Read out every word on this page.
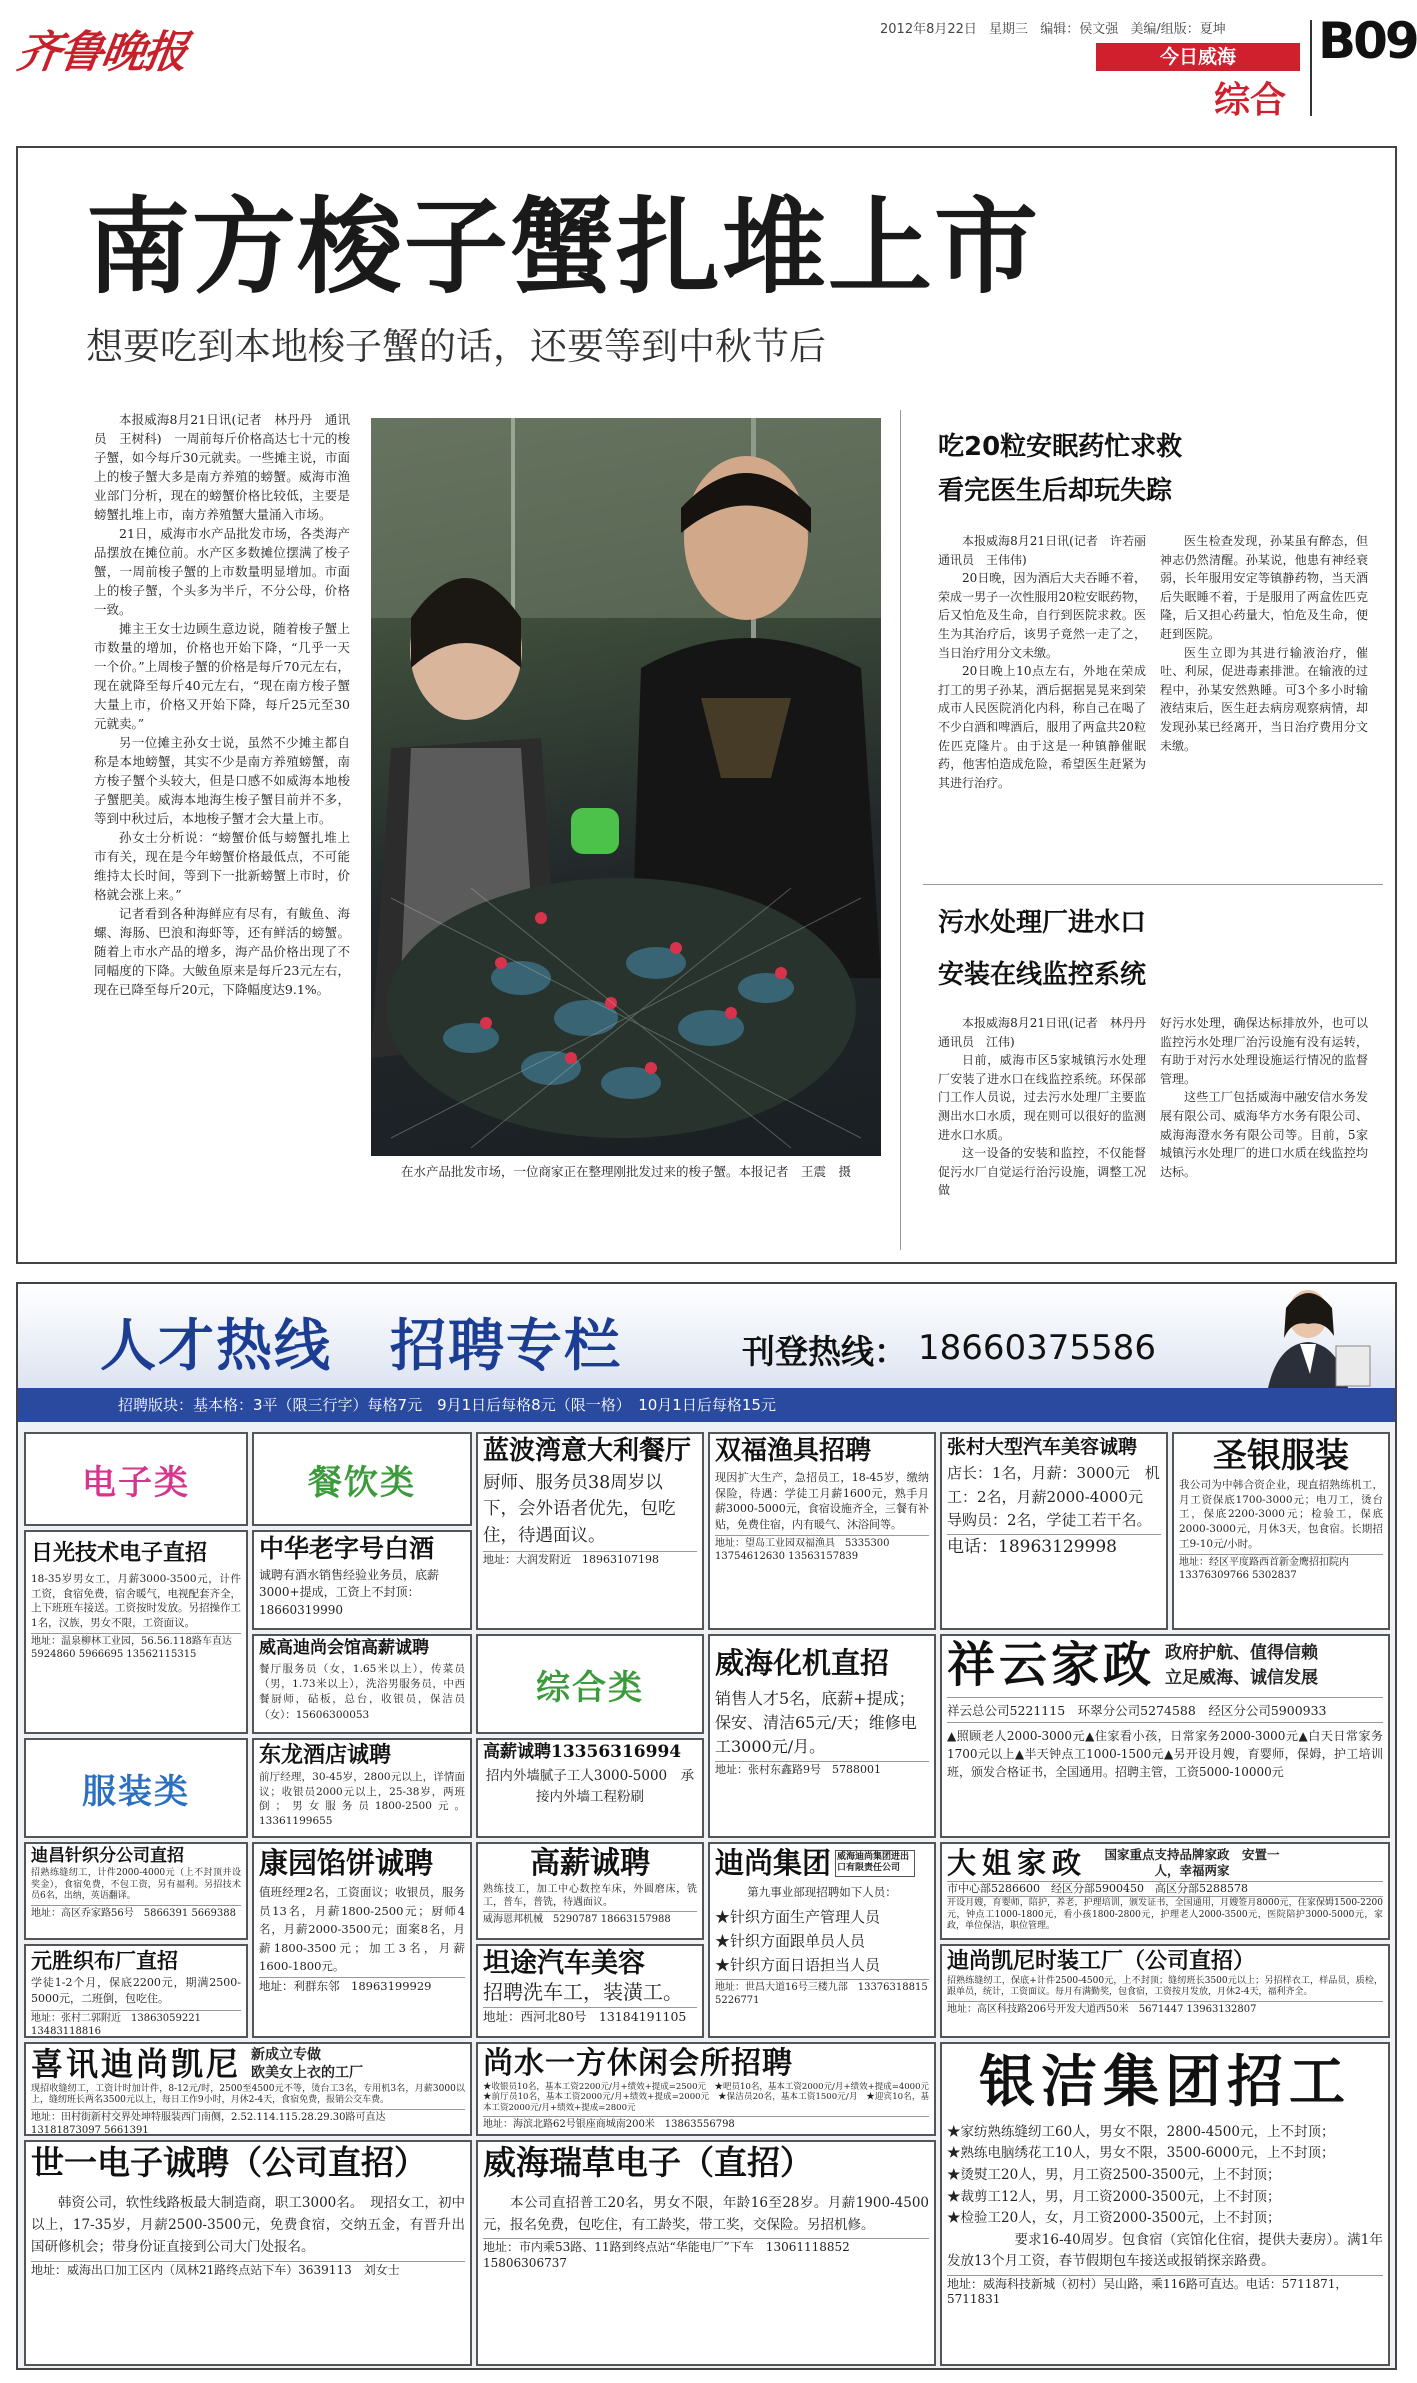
齐鲁晚报	2012年8月22日 星期三 编辑：侯文强 美编/组版：夏坤
今日威海
综合
B09
南方梭子蟹扎堆上市
想要吃到本地梭子蟹的话，还要等到中秋节后

本报威海8月21日讯(记者　林丹丹　通讯员　王树科)　一周前每斤价格高达七十元的梭子蟹，如今每斤30元就卖。一些摊主说，市面上的梭子蟹大多是南方养殖的螃蟹。威海市渔业部门分析，现在的螃蟹价格比较低，主要是螃蟹扎堆上市，南方养殖蟹大量涌入市场。

21日，威海市水产品批发市场，各类海产品摆放在摊位前。水产区多数摊位摆满了梭子蟹，一周前梭子蟹的上市数量明显增加。市面上的梭子蟹，个头多为半斤，不分公母，价格一致。

摊主王女士边顾生意边说，随着梭子蟹上市数量的增加，价格也开始下降，“几乎一天一个价。”上周梭子蟹的价格是每斤70元左右，现在就降至每斤40元左右，“现在南方梭子蟹大量上市，价格又开始下降，每斤25元至30元就卖。”

另一位摊主孙女士说，虽然不少摊主都自称是本地螃蟹，其实不少是南方养殖螃蟹，南方梭子蟹个头较大，但是口感不如威海本地梭子蟹肥美。威海本地海生梭子蟹目前并不多，等到中秋过后，本地梭子蟹才会大量上市。

孙女士分析说：“螃蟹价低与螃蟹扎堆上市有关，现在是今年螃蟹价格最低点，不可能维持太长时间，等到下一批新螃蟹上市时，价格就会涨上来。”

记者看到各种海鲜应有尽有，有鲅鱼、海螺、海肠、巴浪和海虾等，还有鲜活的螃蟹。随着上市水产品的增多，海产品价格出现了不同幅度的下降。大鲅鱼原来是每斤23元左右，现在已降至每斤20元，下降幅度达9.1%。

在水产品批发市场，一位商家正在整理刚批发过来的梭子蟹。本报记者　王震　摄
吃20粒安眠药忙求救
看完医生后却玩失踪

本报威海8月21日讯(记者　许若丽　通讯员　王伟伟)

20日晚，因为酒后大夫吞睡不着，荣成一男子一次性服用20粒安眠药物，后又怕危及生命，自行到医院求救。医生为其治疗后，该男子竟然一走了之，当日治疗用分文未缴。

20日晚上10点左右，外地在荣成打工的男子孙某，酒后据据晃晃来到荣成市人民医院消化内科，称自己在喝了不少白酒和啤酒后，服用了两盒共20粒佐匹克隆片。由于这是一种镇静催眠药，他害怕造成危险，希望医生赶紧为其进行治疗。

医生检查发现，孙某虽有醉态，但神志仍然清醒。孙某说，他患有神经衰弱，长年服用安定等镇静药物，当天酒后失眠睡不着，于是服用了两盒佐匹克隆，后又担心药量大，怕危及生命，便赶到医院。

医生立即为其进行输液治疗，催吐、利尿，促进毒素排泄。在输液的过程中，孙某安然熟睡。可3个多小时输液结束后，医生赶去病房观察病情，却发现孙某已经离开，当日治疗费用分文未缴。

污水处理厂进水口
安装在线监控系统

本报威海8月21日讯(记者　林丹丹　通讯员　江伟)

日前，威海市区5家城镇污水处理厂安装了进水口在线监控系统。环保部门工作人员说，过去污水处理厂主要监测出水口水质，现在则可以很好的监测进水口水质。

这一设备的安装和监控，不仅能督促污水厂自觉运行治污设施，调整工况做

好污水处理，确保达标排放外，也可以监控污水处理厂治污设施有没有运转，有助于对污水处理设施运行情况的监督管理。

这些工厂包括威海中融安信水务发展有限公司、威海华方水务有限公司、威海海澄水务有限公司等。目前，5家城镇污水处理厂的进口水质在线监控均达标。

人才热线　招聘专栏	刊登热线： 18660375586
招聘版块：基本格：3平（限三行字）每格7元　9月1日后每格8元（限一格）　10月1日后每格15元
电子类	餐饮类
蓝波湾意大利餐厅
厨师、服务员38周岁以下，会外语者优先，包吃住，待遇面议。
地址：大润发附近　18963107198
双福渔具招聘
现因扩大生产，急招员工，18-45岁，缴纳保险，待遇：学徒工月薪1600元，熟手月薪3000-5000元，食宿设施齐全，三餐有补贴，免费住宿，内有暖气、沐浴间等。
地址：望岛工业园双福渔具　5335300 13754612630 13563157839
张村大型汽车美容诚聘
店长：1名，月薪：3000元　机工：2名，月薪2000-4000元　导购员：2名，学徒工若干名。
电话：18963129998
圣银服装
我公司为中韩合资企业，现直招熟练机工，月工资保底1700-3000元；电刀工，烫台工，保底2200-3000元；检验工，保底2000-3000元，月休3天，包食宿。长期招工9-10元/小时。
地址：经区平度路西首新金鹰招扣院内　13376309766 5302837
日光技术电子直招
18-35岁男女工，月薪3000-3500元，计件工资，食宿免费，宿舍暖气，电视配套齐全，上下班班车接送。工资按时发放。另招操作工1名，汉族，男女不限，工资面议。
地址：温泉柳林工业园，56.56.118路车直达　5924860 5966695 13562115315
中华老字号白酒
诚聘有酒水销售经验业务员，底薪3000+提成，工资上不封顶：18660319990
威高迪尚会馆高薪诚聘
餐厅服务员（女，1.65米以上），传菜员（男，1.73米以上），洗浴男服务员，中西餐厨师，砧板，总台，收银员，保洁员（女）：15606300053
综合类
威海化机直招
销售人才5名，底薪+提成；保安、清洁65元/天；维修电工3000元/月。
地址：张村东鑫路9号　5788001
祥云家政 政府护航、值得信赖
立足威海、诚信发展
祥云总公司5221115　环翠分公司5274588　经区分公司5900933
▲照顾老人2000-3000元▲住家看小孩，日常家务2000-3000元▲白天日常家务1700元以上▲半天钟点工1000-1500元▲另开设月嫂，育婴师，保姆，护工培训班，颁发合格证书，全国通用。招聘主管，工资5000-10000元
服装类
东龙酒店诚聘
前厅经理，30-45岁，2800元以上，详情面议；收银员2000元以上，25-38岁，两班倒；男女服务员1800-2500元。13361199655
高薪诚聘13356316994
招内外墙腻子工人3000-5000　承接内外墙工程粉刷
迪昌针织分公司直招
招熟练缝纫工，计件2000-4000元（上不封顶并设奖金），食宿免费，不包工资，另有福利。另招技术员6名，出纳，英语翻译。
地址：高区乔家路56号　5866391 5669388
康园馅饼诚聘
值班经理2名，工资面议；收银员，服务员13名，月薪1800-2500元；厨师4名，月薪2000-3500元；面案8名，月薪1800-3500元；加工3名，月薪1600-1800元。
地址：利群东邻　18963199929
高薪诚聘
熟练技工，加工中心数控车床，外圆磨床，铣工，普车，普铣，待遇面议。
威海恩邦机械　5290787 18663157988
迪尚集团 威海迪尚集团进出口有限责任公司
第九事业部现招聘如下人员：
★针织方面生产管理人员
★针织方面跟单员人员
★针织方面日语担当人员
地址：世昌大道16号三楼九部　13376318815 5226771
大姐家政	国家重点支持品牌家政　安置一人，幸福两家
市中心部5286600　经区分部5900450　高区分部5288578
开设月嫂，育婴师，陪护，养老，护理培训，颁发证书，全国通用，月嫂签月8000元，住家保姆1500-2200元，钟点工1000-1800元，看小孩1800-2800元，护理老人2000-3500元，医院陪护3000-5000元，家政，单位保洁，职位管理。
元胜织布厂直招
学徒1-2个月，保底2200元，期满2500-5000元，二班倒，包吃住。
地址：张村二郭附近　13863059221 13483118816
坦途汽车美容
招聘洗车工，装潢工。
地址：西河北80号　13184191105
迪尚凯尼时装工厂（公司直招）
招熟练缝纫工，保底+计件2500-4500元，上不封顶；缝纫班长3500元以上；另招样衣工，样品员，质检，跟单员，统计，工资面议。每月有满勤奖，包食宿，工资按月发放，月休2-4天，福利齐全。
地址：高区科技路206号开发大道西50米　5671447 13963132807
喜讯迪尚凯尼 新成立专做
欧美女上衣的工厂
现招收缝纫工，工资计时加计件，8-12元/时，2500至4500元不等，烫台工3名，专用机3名，月薪3000以上，缝纫班长两名3500元以上，每日工作9小时，月休2-4天，食宿免费，报销公交车费。
地址：田村街新村交界处坤特服装西门南侧，2.52.114.115.28.29.30路可直达　13181873097 5661391
尚水一方休闲会所招聘
★收银员10名，基本工资2200元/月+绩效+提成=2500元　★吧员10名，基本工资2000元/月+绩效+提成=4000元　★前厅员10名，基本工资2000元/月+绩效+提成=2000元　★保洁员20名，基本工资1500元/月　★迎宾10名，基本工资2000元/月+绩效+提成=2800元
地址：海滨北路62号银座商城南200米　13863556798
银洁集团招工
★家纺熟练缝纫工60人，男女不限，2800-4500元，上不封顶；
★熟练电脑绣花工10人，男女不限，3500-6000元，上不封顶；
★烫熨工20人，男，月工资2500-3500元，上不封顶；
★裁剪工12人，男，月工资2000-3500元，上不封顶；
★检验工20人，女，月工资2000-3500元，上不封顶；
要求16-40周岁。包食宿（宾馆化住宿，提供夫妻房）。满1年发放13个月工资，春节假期包车接送或报销探亲路费。
地址：威海科技新城（初村）吴山路，乘116路可直达。电话：5711871，5711831
世一电子诚聘（公司直招）
韩资公司，软性线路板最大制造商，职工3000名。　现招女工，初中以上，17-35岁，月薪2500-3500元，免费食宿，交纳五金，有晋升出国研修机会；带身份证直接到公司大门处报名。
地址：威海出口加工区内（凤林21路终点站下车）3639113　刘女士
威海瑞草电子（直招）
本公司直招普工20名，男女不限，年龄16至28岁。月薪1900-4500元，报名免费，包吃住，有工龄奖，带工奖，交保险。另招机修。
地址：市内乘53路、11路到终点站“华能电厂”下车　13061118852 15806306737
